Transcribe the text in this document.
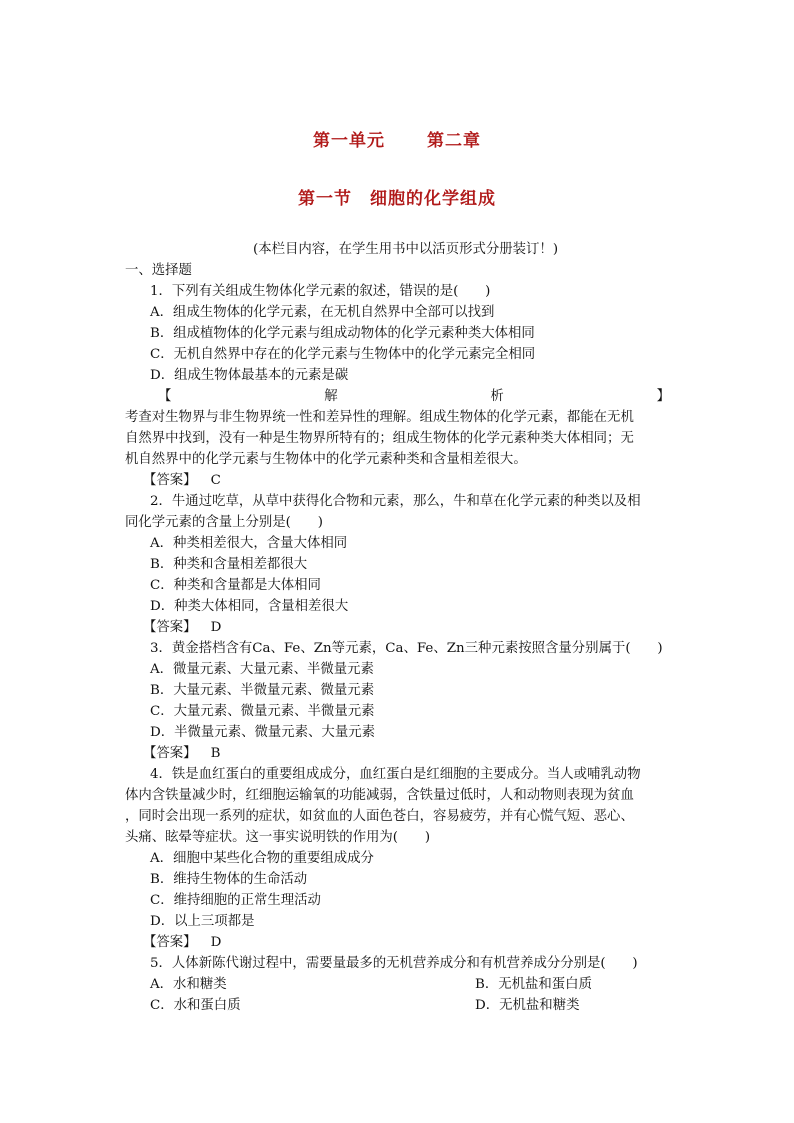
第一单元 第二章
第一节 细胞的化学组成
(本栏目内容，在学生用书中以活页形式分册装订！)
一、选择题
1．下列有关组成生物体化学元素的叙述，错误的是(　　)
A．组成生物体的化学元素，在无机自然界中全部可以找到
B．组成植物体的化学元素与组成动物体的化学元素种类大体相同
C．无机自然界中存在的化学元素与生物体中的化学元素完全相同
D．组成生物体最基本的元素是碳
【	解	析	】
考查对生物界与非生物界统一性和差异性的理解。组成生物体的化学元素，都能在无机
自然界中找到，没有一种是生物界所特有的；组成生物体的化学元素种类大体相同；无
机自然界中的化学元素与生物体中的化学元素种类和含量相差很大。
【答案】 C
2．牛通过吃草，从草中获得化合物和元素，那么，牛和草在化学元素的种类以及相
同化学元素的含量上分别是(　　)
A．种类相差很大，含量大体相同
B．种类和含量相差都很大
C．种类和含量都是大体相同
D．种类大体相同，含量相差很大
【答案】 D
3．黄金搭档含有Ca、Fe、Zn等元素，Ca、Fe、Zn三种元素按照含量分别属于(　　)
A．微量元素、大量元素、半微量元素
B．大量元素、半微量元素、微量元素
C．大量元素、微量元素、半微量元素
D．半微量元素、微量元素、大量元素
【答案】 B
4．铁是血红蛋白的重要组成成分，血红蛋白是红细胞的主要成分。当人或哺乳动物
体内含铁量减少时，红细胞运输氧的功能减弱，含铁量过低时，人和动物则表现为贫血
，同时会出现一系列的症状，如贫血的人面色苍白，容易疲劳，并有心慌气短、恶心、
头痛、眩晕等症状。这一事实说明铁的作用为(　　)
A．细胞中某些化合物的重要组成成分
B．维持生物体的生命活动
C．维持细胞的正常生理活动
D．以上三项都是
【答案】 D
5．人体新陈代谢过程中，需要量最多的无机营养成分和有机营养成分分别是(　　)
A．水和糖类	B．无机盐和蛋白质
C．水和蛋白质	D．无机盐和糖类
